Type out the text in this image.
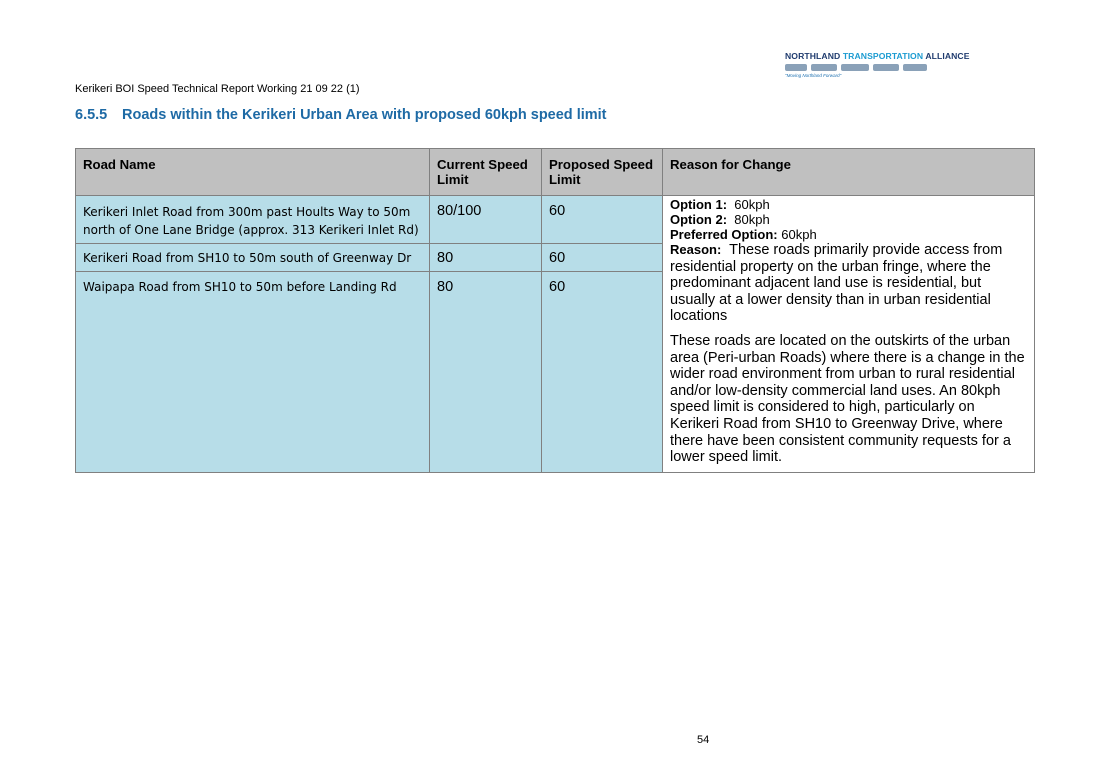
NORTHLAND TRANSPORTATION ALLIANCE
"Moving Northland Forward"
Kerikeri BOI Speed Technical Report Working 21 09 22 (1)
6.5.5 Roads within the Kerikeri Urban Area with proposed 60kph speed limit
Road Name	Current Speed Limit	Proposed Speed Limit	Reason for Change
Kerikeri Inlet Road from 300m past Hoults Way to 50m north of One Lane Bridge (approx. 313 Kerikeri Inlet Rd)	80/100	60	Option 1: 60kph
Option 2: 80kph
Preferred Option: 60kph

Reason: These roads primarily provide access from residential property on the urban fringe, where the predominant adjacent land use is residential, but usually at a lower density than in urban residential locations

These roads are located on the outskirts of the urban area (Peri-urban Roads) where there is a change in the wider road environment from urban to rural residential and/or low-density commercial land uses. An 80kph speed limit is considered to high, particularly on Kerikeri Road from SH10 to Greenway Drive, where there have been consistent community requests for a lower speed limit.

Kerikeri Road from SH10 to 50m south of Greenway Dr	80	60	
Waipapa Road from SH10 to 50m before Landing Rd	80	60	
54
